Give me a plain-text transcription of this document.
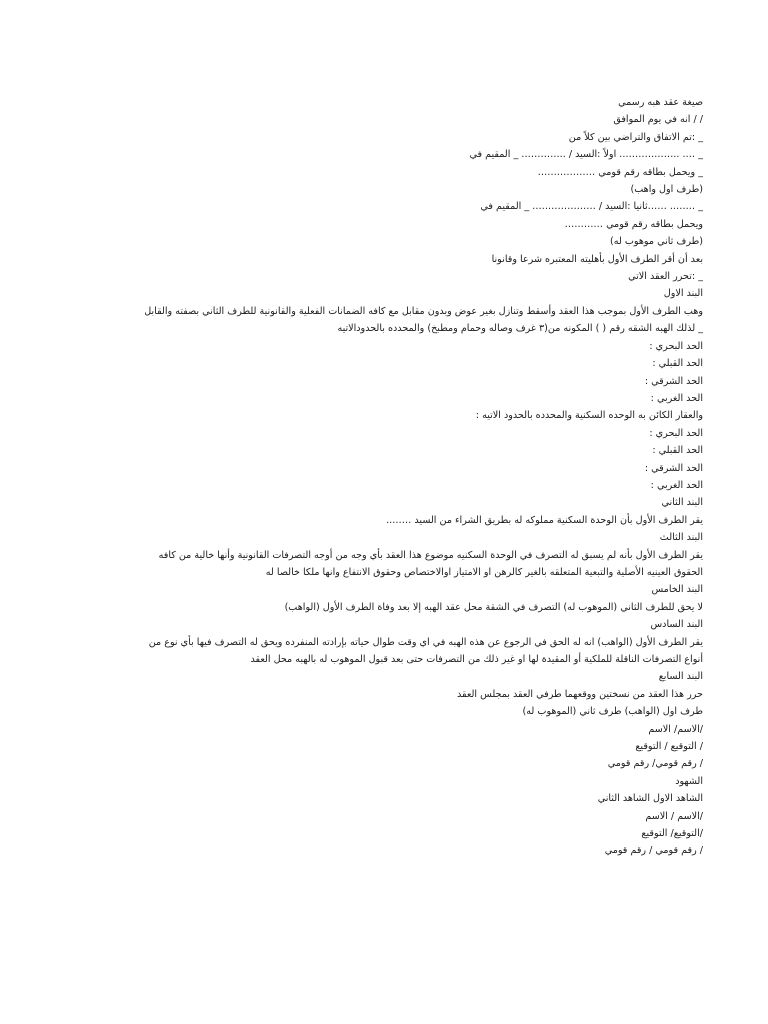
صيغة عقد هبه رسمي
/ / انه في يوم الموافق
_ :تم الاتفاق والتراضي بين كلاً من
_ …. ..…………….. اولاً :السيد / ..………… _ المقيم في
_ ويحمل بطاقه رقم قومي ………………
(طرف اول واهب)
_ …….. ……ثانيا :السيد / ……………..… _ المقيم في
ويحمل بطاقه رقم قومي …………
(طرف ثاني موهوب له)
بعد أن أقر الطرف الأول بأهليته المعتبره شرعا وقانونا
_ :تحرر العقد الاتي
البند الاول
وهب الطرف الأول بموجب هذا العقد وأسقط وتنازل بغير عوض وبدون مقابل مع كافه الضمانات الفعلية والقانونية للطرف الثاني بصفته والقابل
_ لذلك الهبه الشقه رقم ( ) المكونه من(٣ غرف وصاله وحمام ومطبخ) والمحدده بالحدودالاتيه
الحد البحري :
الحد القبلي :
الحد الشرقي :
الحد الغربي :
والعقار الكائن به الوحده السكنية والمحدده بالحدود الاتيه :
الحد البحري :
الحد القبلي :
الحد الشرقي :
الحد الغربي :
البند الثاني
يقر الطرف الأول بأن الوحدة السكنية مملوكه له بطريق الشراء من السيد ……..
البند الثالث
يقر الطرف الأول بأنه لم يسبق له التصرف في الوحدة السكنيه موضوع هذا العقد بأي وجه من أوجه التصرفات القانونية وأنها خالية من كافه
الحقوق العينيه الأصلية والتبعية المتعلقه بالغير كالرهن او الامتياز اوالاختصاص وحقوق الانتفاع وانها ملكا خالصا له
البند الخامس
لا يحق للطرف الثاني (الموهوب له) التصرف في الشقة محل عقد الهبه إلا بعد وفاة الطرف الأول (الواهب)
البند السادس
يقر الطرف الأول (الواهب) انه له الحق في الرجوع عن هذه الهبه في اي وقت طوال حياته بإرادته المنفرده ويحق له التصرف فيها بأي نوع من
أنواع التصرفات الناقلة للملكية أو المقيدة لها او غير ذلك من التصرفات حتى بعد قبول الموهوب له بالهبه محل العقد
البند السابع
حرر هذا العقد من نسختين ووقعهما طرفي العقد بمجلس العقد
طرف اول (الواهب) طرف ثاني (الموهوب له)
/الاسم/ الاسم
/ التوقيع / التوقيع
/ رقم قومي/ رقم قومي
الشهود
الشاهد الاول الشاهد الثاني
/الاسم / الاسم
/التوقيع/ التوقيع
/ رقم قومي / رقم قومي
